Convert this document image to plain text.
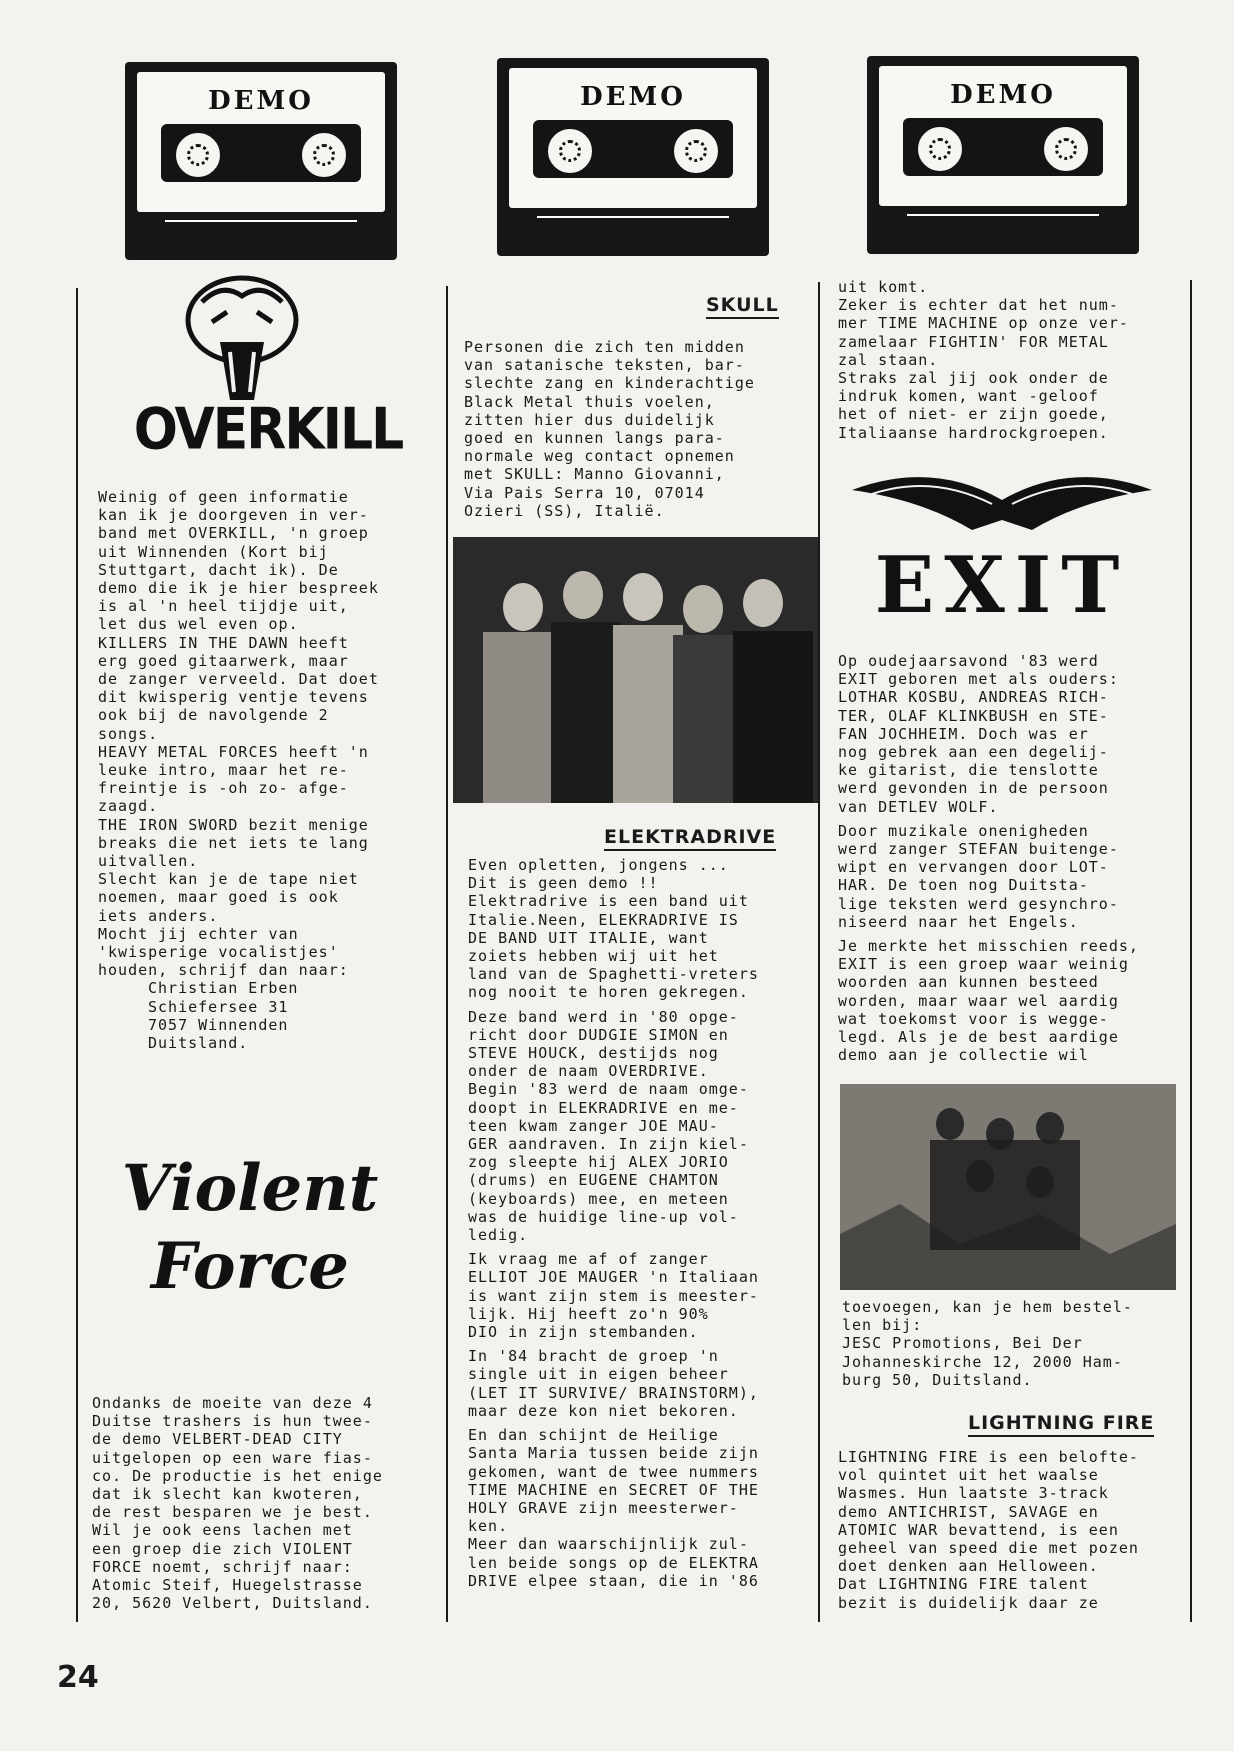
DEMO	DEMO	DEMO
OVERKILL

Weinig of geen informatie
kan ik je doorgeven in ver-
band met OVERKILL, 'n groep
uit Winnenden (Kort bij
Stuttgart, dacht ik). De
demo die ik je hier bespreek
is al 'n heel tijdje uit,
let dus wel even op.
KILLERS IN THE DAWN heeft
erg goed gitaarwerk, maar
de zanger verveeld. Dat doet
dit kwisperig ventje tevens
ook bij de navolgende 2
songs.
HEAVY METAL FORCES heeft 'n
leuke intro, maar het re-
freintje is -oh zo- afge-
zaagd.
THE IRON SWORD bezit menige
breaks die net iets te lang
uitvallen.
Slecht kan je de tape niet
noemen, maar goed is ook
iets anders.
Mocht jij echter van
'kwisperige vocalistjes'
houden, schrijf dan naar:

Christian Erben
Schiefersee 31
7057 Winnenden
Duitsland.

Violent Force

Ondanks de moeite van deze 4
Duitse trashers is hun twee-
de demo VELBERT-DEAD CITY
uitgelopen op een ware fias-
co. De productie is het enige
dat ik slecht kan kwoteren,
de rest besparen we je best.
Wil je ook eens lachen met
een groep die zich VIOLENT
FORCE noemt, schrijf naar:
Atomic Steif, Huegelstrasse
20, 5620 Velbert, Duitsland.

SKULL

Personen die zich ten midden
van satanische teksten, bar-
slechte zang en kinderachtige
Black Metal thuis voelen,
zitten hier dus duidelijk
goed en kunnen langs para-
normale weg contact opnemen
met SKULL: Manno Giovanni,
Via Pais Serra 10, 07014
Ozieri (SS), Italië.

ELEKTRADRIVE

Even opletten, jongens ...
Dit is geen demo !!
Elektradrive is een band uit
Italie.Neen, ELEKRADRIVE IS
DE BAND UIT ITALIE, want
zoiets hebben wij uit het
land van de Spaghetti-vreters
nog nooit te horen gekregen.

Deze band werd in '80 opge-
richt door DUDGIE SIMON en
STEVE HOUCK, destijds nog
onder de naam OVERDRIVE.
Begin '83 werd de naam omge-
doopt in ELEKRADRIVE en me-
teen kwam zanger JOE MAU-
GER aandraven. In zijn kiel-
zog sleepte hij ALEX JORIO
(drums) en EUGENE CHAMTON
(keyboards) mee, en meteen
was de huidige line-up vol-
ledig.

Ik vraag me af of zanger
ELLIOT JOE MAUGER 'n Italiaan
is want zijn stem is meester-
lijk. Hij heeft zo'n 90%
DIO in zijn stembanden.

In '84 bracht de groep 'n
single uit in eigen beheer
(LET IT SURVIVE/ BRAINSTORM),
maar deze kon niet bekoren.

En dan schijnt de Heilige
Santa Maria tussen beide zijn
gekomen, want de twee nummers
TIME MACHINE en SECRET OF THE
HOLY GRAVE zijn meesterwer-
ken.
Meer dan waarschijnlijk zul-
len beide songs op de ELEKTRA
DRIVE elpee staan, die in '86

uit komt.
Zeker is echter dat het num-
mer TIME MACHINE op onze ver-
zamelaar FIGHTIN' FOR METAL
zal staan.
Straks zal jij ook onder de
indruk komen, want -geloof
het of niet- er zijn goede,
Italiaanse hardrockgroepen.

EXIT

Op oudejaarsavond '83 werd
EXIT geboren met als ouders:
LOTHAR KOSBU, ANDREAS RICH-
TER, OLAF KLINKBUSH en STE-
FAN JOCHHEIM. Doch was er
nog gebrek aan een degelij-
ke gitarist, die tenslotte
werd gevonden in de persoon
van DETLEV WOLF.

Door muzikale onenigheden
werd zanger STEFAN buitenge-
wipt en vervangen door LOT-
HAR. De toen nog Duitsta-
lige teksten werd gesynchro-
niseerd naar het Engels.

Je merkte het misschien reeds,
EXIT is een groep waar weinig
woorden aan kunnen besteed
worden, maar waar wel aardig
wat toekomst voor is wegge-
legd. Als je de best aardige
demo aan je collectie wil

toevoegen, kan je hem bestel-
len bij:
JESC Promotions, Bei Der
Johanneskirche 12, 2000 Ham-
burg 50, Duitsland.

LIGHTNING FIRE

LIGHTNING FIRE is een belofte-
vol quintet uit het waalse
Wasmes. Hun laatste 3-track
demo ANTICHRIST, SAVAGE en
ATOMIC WAR bevattend, is een
geheel van speed die met pozen
doet denken aan Helloween.
Dat LIGHTNING FIRE talent
bezit is duidelijk daar ze

24
